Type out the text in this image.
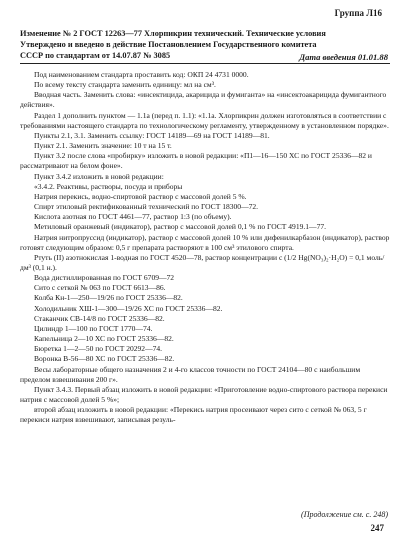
Группа Л16
Изменение № 2 ГОСТ 12263—77 Хлорпикрин технический. Технические условия
Утверждено и введено в действие Постановлением Государственного комитета
СССР по стандартам от 14.07.87 № 3085	Дата введения 01.01.88

Под наименованием стандарта проставить код: ОКП 24 4731 0000.

По всему тексту стандарта заменить единицу: мл на см³.

Вводная часть. Заменить слова: «инсектицида, акарицида и фумиганта» на «инсектоакарицида фумигантного действия».

Раздел 1 дополнить пунктом — 1.1а (перед п. 1.1): «1.1а. Хлорпикрин должен изготовляться в соответствии с требованиями настоящего стандарта по технологическому регламенту, утвержденному в установленном порядке».

Пункты 2.1, 3.1. Заменить ссылку: ГОСТ 14189—69 на ГОСТ 14189—81.

Пункт 2.1. Заменить значение: 10 т на 15 т.

Пункт 3.2 после слова «пробирку» изложить в новой редакции: «П1—16—150 ХС по ГОСТ 25336—82 и рассматривают на белом фоне».

Пункт 3.4.2 изложить в новой редакции:

«3.4.2. Реактивы, растворы, посуда и приборы

Натрия перекись, водно-спиртовой раствор с массовой долей 5 %.

Спирт этиловый ректификованный технический по ГОСТ 18300—72.

Кислота азотная по ГОСТ 4461—77, раствор 1:3 (по объему).

Метиловый оранжевый (индикатор), раствор с массовой долей 0,1 % по ГОСТ 4919.1—77.

Натрия нитропруссид (индикатор), раствор с массовой долей 10 % или дифенилкарбазон (индикатор), раствор готовят следующим образом: 0,5 г препарата растворяют в 100 см³ этилового спирта.

Ртуть (II) азотнокислая 1-водная по ГОСТ 4520—78, раствор концентрации с (1/2 Hg(NO₃)₂·H₂O) = 0,1 моль/дм³ (0,1 н.).

Вода дистиллированная по ГОСТ 6709—72

Сито с сеткой № 063 по ГОСТ 6613—86.

Колба Кн-1—250—19/26 по ГОСТ 25336—82.

Холодильник ХШ-1—300—19/26 ХС по ГОСТ 25336—82.

Стаканчик СВ-14/8 по ГОСТ 25336—82.

Цилиндр 1—100 по ГОСТ 1770—74.

Капельница 2—10 ХС по ГОСТ 25336—82.

Бюретка 1—2—50 по ГОСТ 20292—74.

Воронка В-56—80 ХС по ГОСТ 25336—82.

Весы лабораторные общего назначения 2 и 4-го классов точности по ГОСТ 24104—80 с наибольшим пределом взвешивания 200 г».

Пункт 3.4.3. Первый абзац изложить в новой редакции: «Приготовление водно-спиртового раствора перекиси натрия с массовой долей 5 %»;

второй абзац изложить в новой редакции: «Перекись натрия просеивают через сито с сеткой № 063, 5 г перекиси натрия взвешивают, записывая резуль-

(Продолжение см. с. 248)
247
